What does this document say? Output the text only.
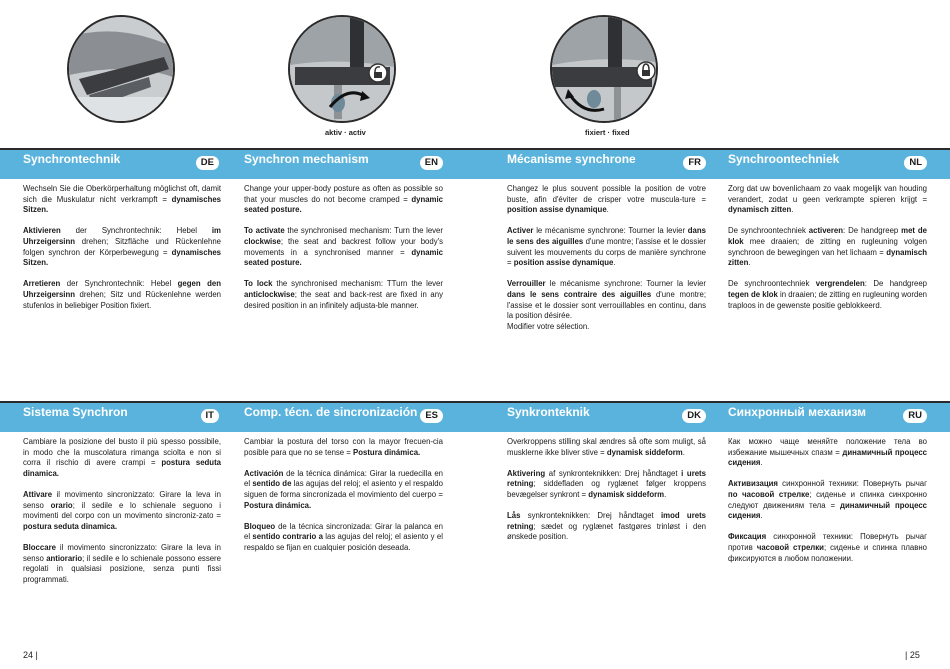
aktiv · activ	fixiert · fixed
Synchrontechnik	DE	Synchron mechanism	EN	Mécanisme synchrone	FR	Synchroontechniek	NL
Sistema Synchron	IT	Comp. técn. de sincronización ES	Synkronteknik	DK	Синхронный механизм	RU

Wechseln Sie die Oberkörperhaltung möglichst oft, damit sich die Muskulatur nicht verkrampft = dynamisches Sitzen.

Aktivieren der Synchrontechnik: Hebel im Uhrzeigersinn drehen; Sitzfläche und Rückenlehne folgen synchron der Körperbewegung = dynamisches Sitzen.

Arretieren der Synchrontechnik: Hebel gegen den Uhrzeigersinn drehen; Sitz und Rückenlehne werden stufenlos in beliebiger Position fixiert.

Change your upper-body posture as often as possible so that your muscles do not become cramped = dynamic seated posture.

To activate the synchronised mechanism: Turn the lever clockwise; the seat and backrest follow your body's movements in a synchronised manner = dynamic seated posture.

To lock the synchronised mechanism: TTurn the lever anticlockwise; the seat and back-rest are fixed in any desired position in an infinitely adjusta-ble manner.

Changez le plus souvent possible la position de votre buste, afin d'éviter de crisper votre muscula-ture = position assise dynamique.

Activer le mécanisme synchrone: Tourner la levier dans le sens des aiguilles d'une montre; l'assise et le dossier suivent les mouvements du corps de manière synchrone = position assise dynamique.

Verrouiller le mécanisme synchrone: Tourner la levier dans le sens contraire des aiguilles d'une montre; l'assise et le dossier sont verrouillables en continu, dans la position désirée.
Modifier votre sélection.

Zorg dat uw bovenlichaam zo vaak mogelijk van houding verandert, zodat u geen verkrampte spieren krijgt = dynamisch zitten.

De synchroontechniek activeren: De handgreep met de klok mee draaien; de zitting en rugleuning volgen synchroon de bewegingen van het lichaam = dynamisch zitten.

De synchroontechniek vergrendelen: De handgreep tegen de klok in draaien; de zitting en rugleuning worden traploos in de gewenste positie geblokkeerd.

Cambiare la posizione del busto il più spesso possibile, in modo che la muscolatura rimanga sciolta e non si corra il rischio di avere crampi = postura seduta dinamica.

Attivare il movimento sincronizzato: Girare la leva in senso orario; il sedile e lo schienale seguono i movimenti del corpo con un movimento sincroniz-zato = postura seduta dinamica.

Bloccare il movimento sincronizzato: Girare la leva in senso antiorario; il sedile e lo schienale possono essere regolati in qualsiasi posizione, senza punti fissi programmati.

Cambiar la postura del torso con la mayor frecuen-cia posible para que no se tense = Postura dinámica.

Activación de la técnica dinámica: Girar la ruedecilla en el sentido de las agujas del reloj; el asiento y el respaldo siguen de forma sincronizada el movimiento del cuerpo = Postura dinámica.

Bloqueo de la técnica sincronizada: Girar la palanca en el sentido contrario a las agujas del reloj; el asiento y el respaldo se fijan en cualquier posición deseada.

Overkroppens stilling skal ændres så ofte som muligt, så musklerne ikke bliver stive = dynamisk siddeform.

Aktivering af synkronteknikken: Drej håndtaget i urets retning; siddefladen og ryglænet følger kroppens bevægelser synkront = dynamisk siddeform.

Lås synkronteknikken: Drej håndtaget imod urets retning; sædet og ryglænet fastgøres trinløst i den ønskede position.

Как можно чаще меняйте положение тела во избежание мышечных спазм = динамичный процесс сидения.

Активизация синхронной техники: Повернуть рычаг по часовой стрелке; сиденье и спинка синхронно следуют движениям тела = динамичный процесс сидения.

Фиксация синхронной техники: Повернуть рычаг против часовой стрелки; сиденье и спинка плавно фиксируются в любом положении.

24 |	| 25
